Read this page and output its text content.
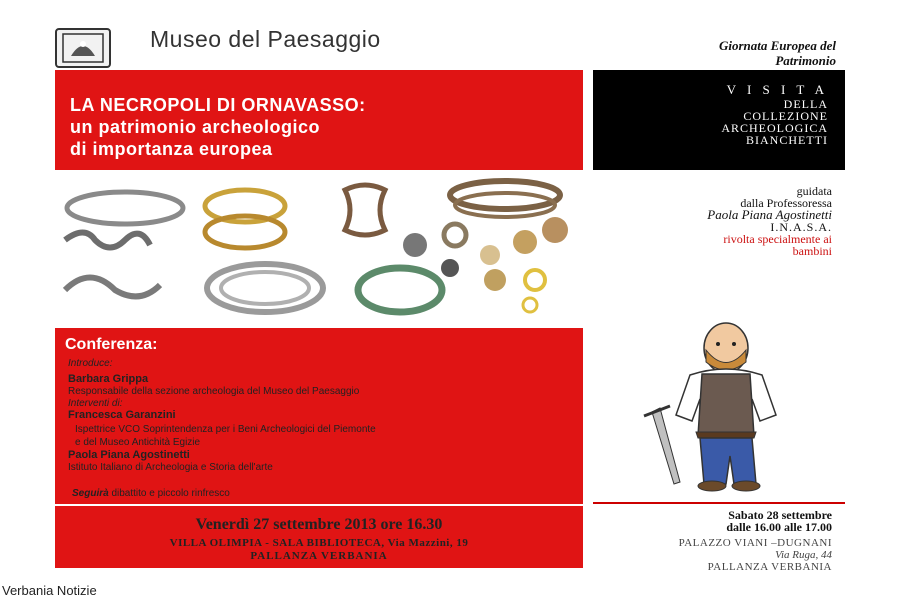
Museo del Paesaggio	Giornata Europea del
Patrimonio
LA NECROPOLI DI ORNAVASSO:
un patrimonio archeologico
di importanza europea
Conferenza:
Introduce:
Barbara Grippa
Responsabile della sezione archeologia del Museo del Paesaggio
Interventi di:
Francesca Garanzini
Ispettrice VCO Soprintendenza per i Beni Archeologici del Piemonte
e del Museo Antichità Egizie
Paola Piana Agostinetti
Istituto Italiano di Archeologia e Storia dell'arte
Seguirà dibattito e piccolo rinfresco
Venerdì 27 settembre 2013 ore 16.30
VILLA OLIMPIA - SALA BIBLIOTECA, Via Mazzini, 19
PALLANZA VERBANIA
V I S I T A
DELLA
COLLEZIONE
ARCHEOLOGICA
BIANCHETTI
guidata
dalla Professoressa
Paola Piana Agostinetti
I.N.A.S.A.
rivolta specialmente ai
bambini
Sabato 28 settembre
dalle 16.00 alle 17.00
PALAZZO VIANI –DUGNANI
Via Ruga, 44
PALLANZA VERBANIA
Verbania Notizie
